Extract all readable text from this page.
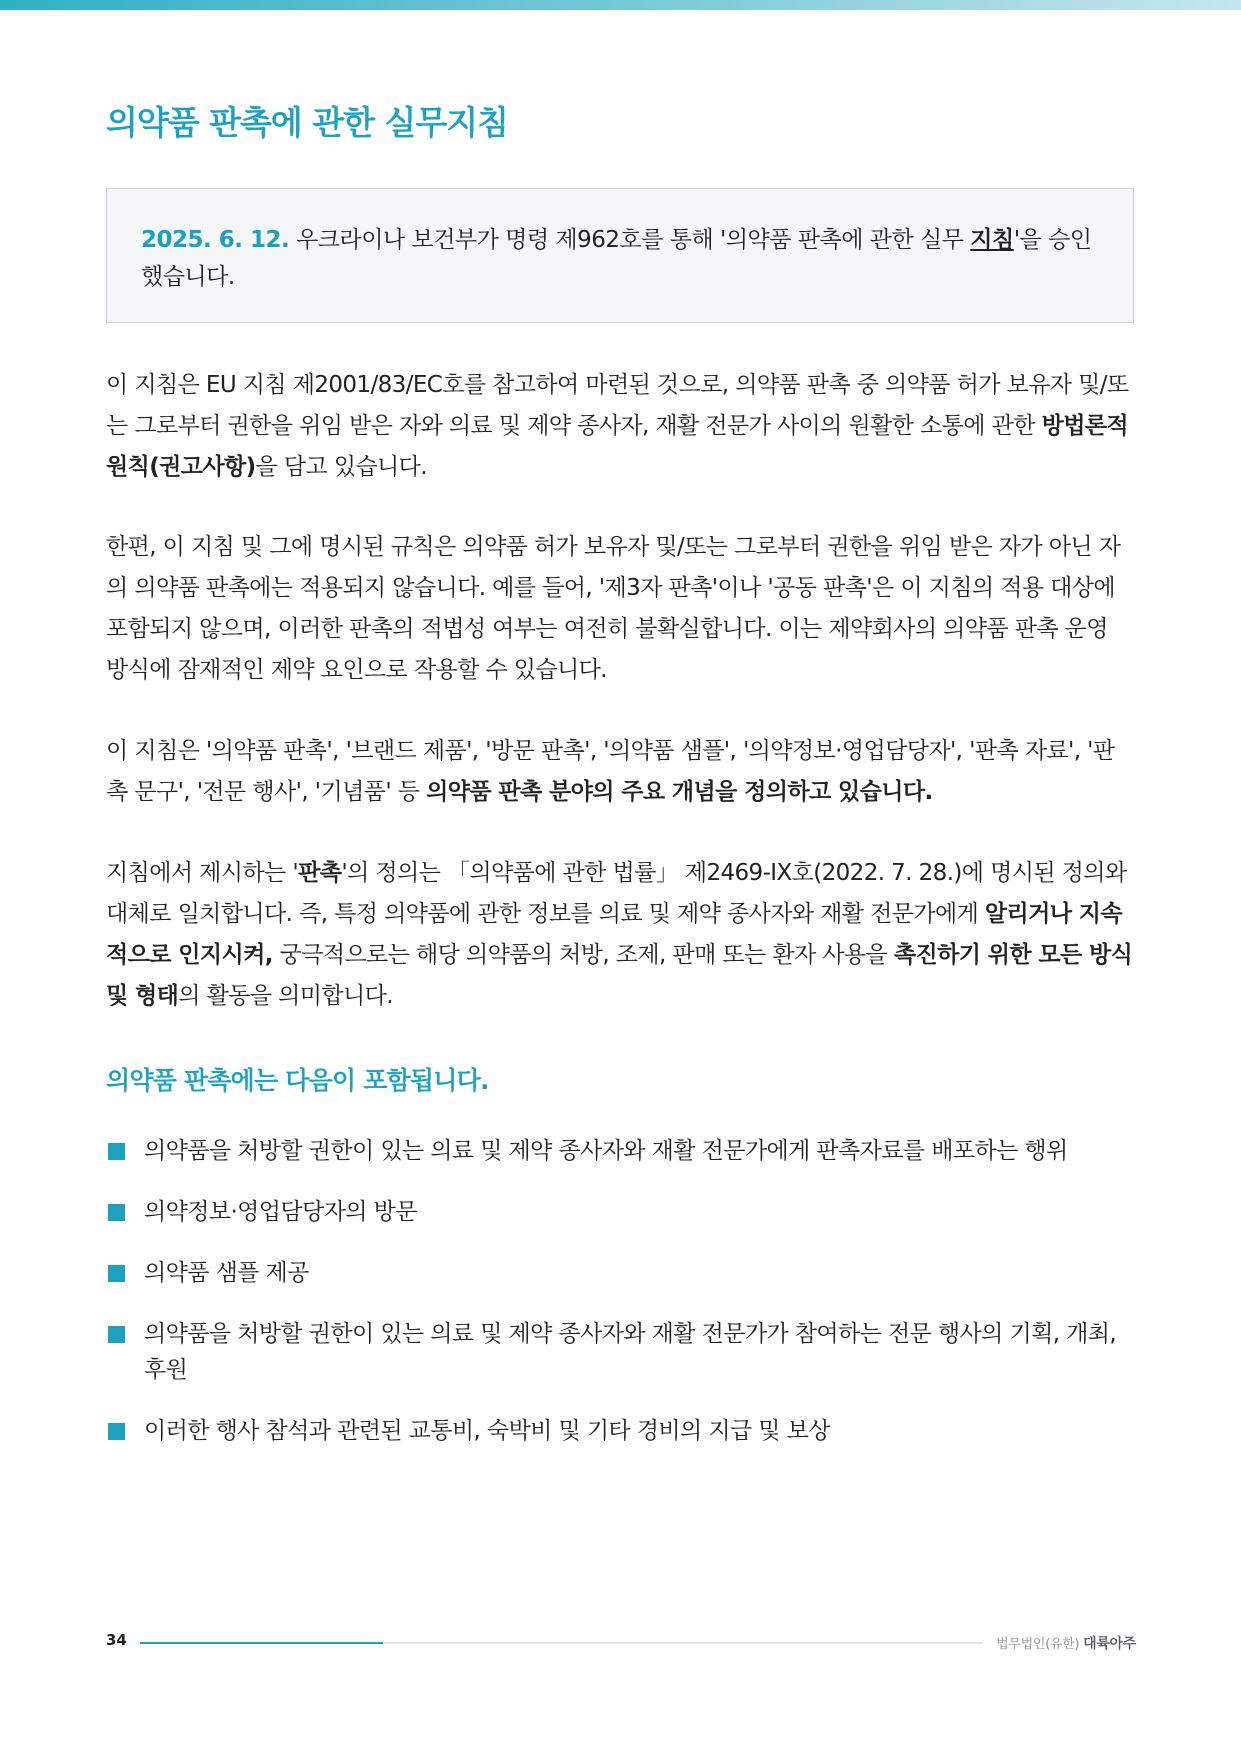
의약품 판촉에 관한 실무지침
2025. 6. 12. 우크라이나 보건부가 명령 제962호를 통해 '의약품 판촉에 관한 실무 지침'을 승인했습니다.
이 지침은 EU 지침 제2001/83/EC호를 참고하여 마련된 것으로, 의약품 판촉 중 의약품 허가 보유자 및/또는 그로부터 권한을 위임 받은 자와 의료 및 제약 종사자, 재활 전문가 사이의 원활한 소통에 관한 방법론적 원칙(권고사항)을 담고 있습니다.
한편, 이 지침 및 그에 명시된 규칙은 의약품 허가 보유자 및/또는 그로부터 권한을 위임 받은 자가 아닌 자의 의약품 판촉에는 적용되지 않습니다. 예를 들어, '제3자 판촉'이나 '공동 판촉'은 이 지침의 적용 대상에 포함되지 않으며, 이러한 판촉의 적법성 여부는 여전히 불확실합니다. 이는 제약회사의 의약품 판촉 운영 방식에 잠재적인 제약 요인으로 작용할 수 있습니다.
이 지침은 '의약품 판촉', '브랜드 제품', '방문 판촉', '의약품 샘플', '의약정보·영업담당자', '판촉 자료', '판촉 문구', '전문 행사', '기념품' 등 의약품 판촉 분야의 주요 개념을 정의하고 있습니다.
지침에서 제시하는 '판촉'의 정의는 「의약품에 관한 법률」 제2469-IX호(2022. 7. 28.)에 명시된 정의와 대체로 일치합니다. 즉, 특정 의약품에 관한 정보를 의료 및 제약 종사자와 재활 전문가에게 알리거나 지속적으로 인지시켜, 궁극적으로는 해당 의약품의 처방, 조제, 판매 또는 환자 사용을 촉진하기 위한 모든 방식 및 형태의 활동을 의미합니다.
의약품 판촉에는 다음이 포함됩니다.
의약품을 처방할 권한이 있는 의료 및 제약 종사자와 재활 전문가에게 판촉자료를 배포하는 행위
의약정보·영업담당자의 방문
의약품 샘플 제공
의약품을 처방할 권한이 있는 의료 및 제약 종사자와 재활 전문가가 참여하는 전문 행사의 기획, 개최, 후원
이러한 행사 참석과 관련된 교통비, 숙박비 및 기타 경비의 지급 및 보상
34	법무법인(유한) 대륙아주
